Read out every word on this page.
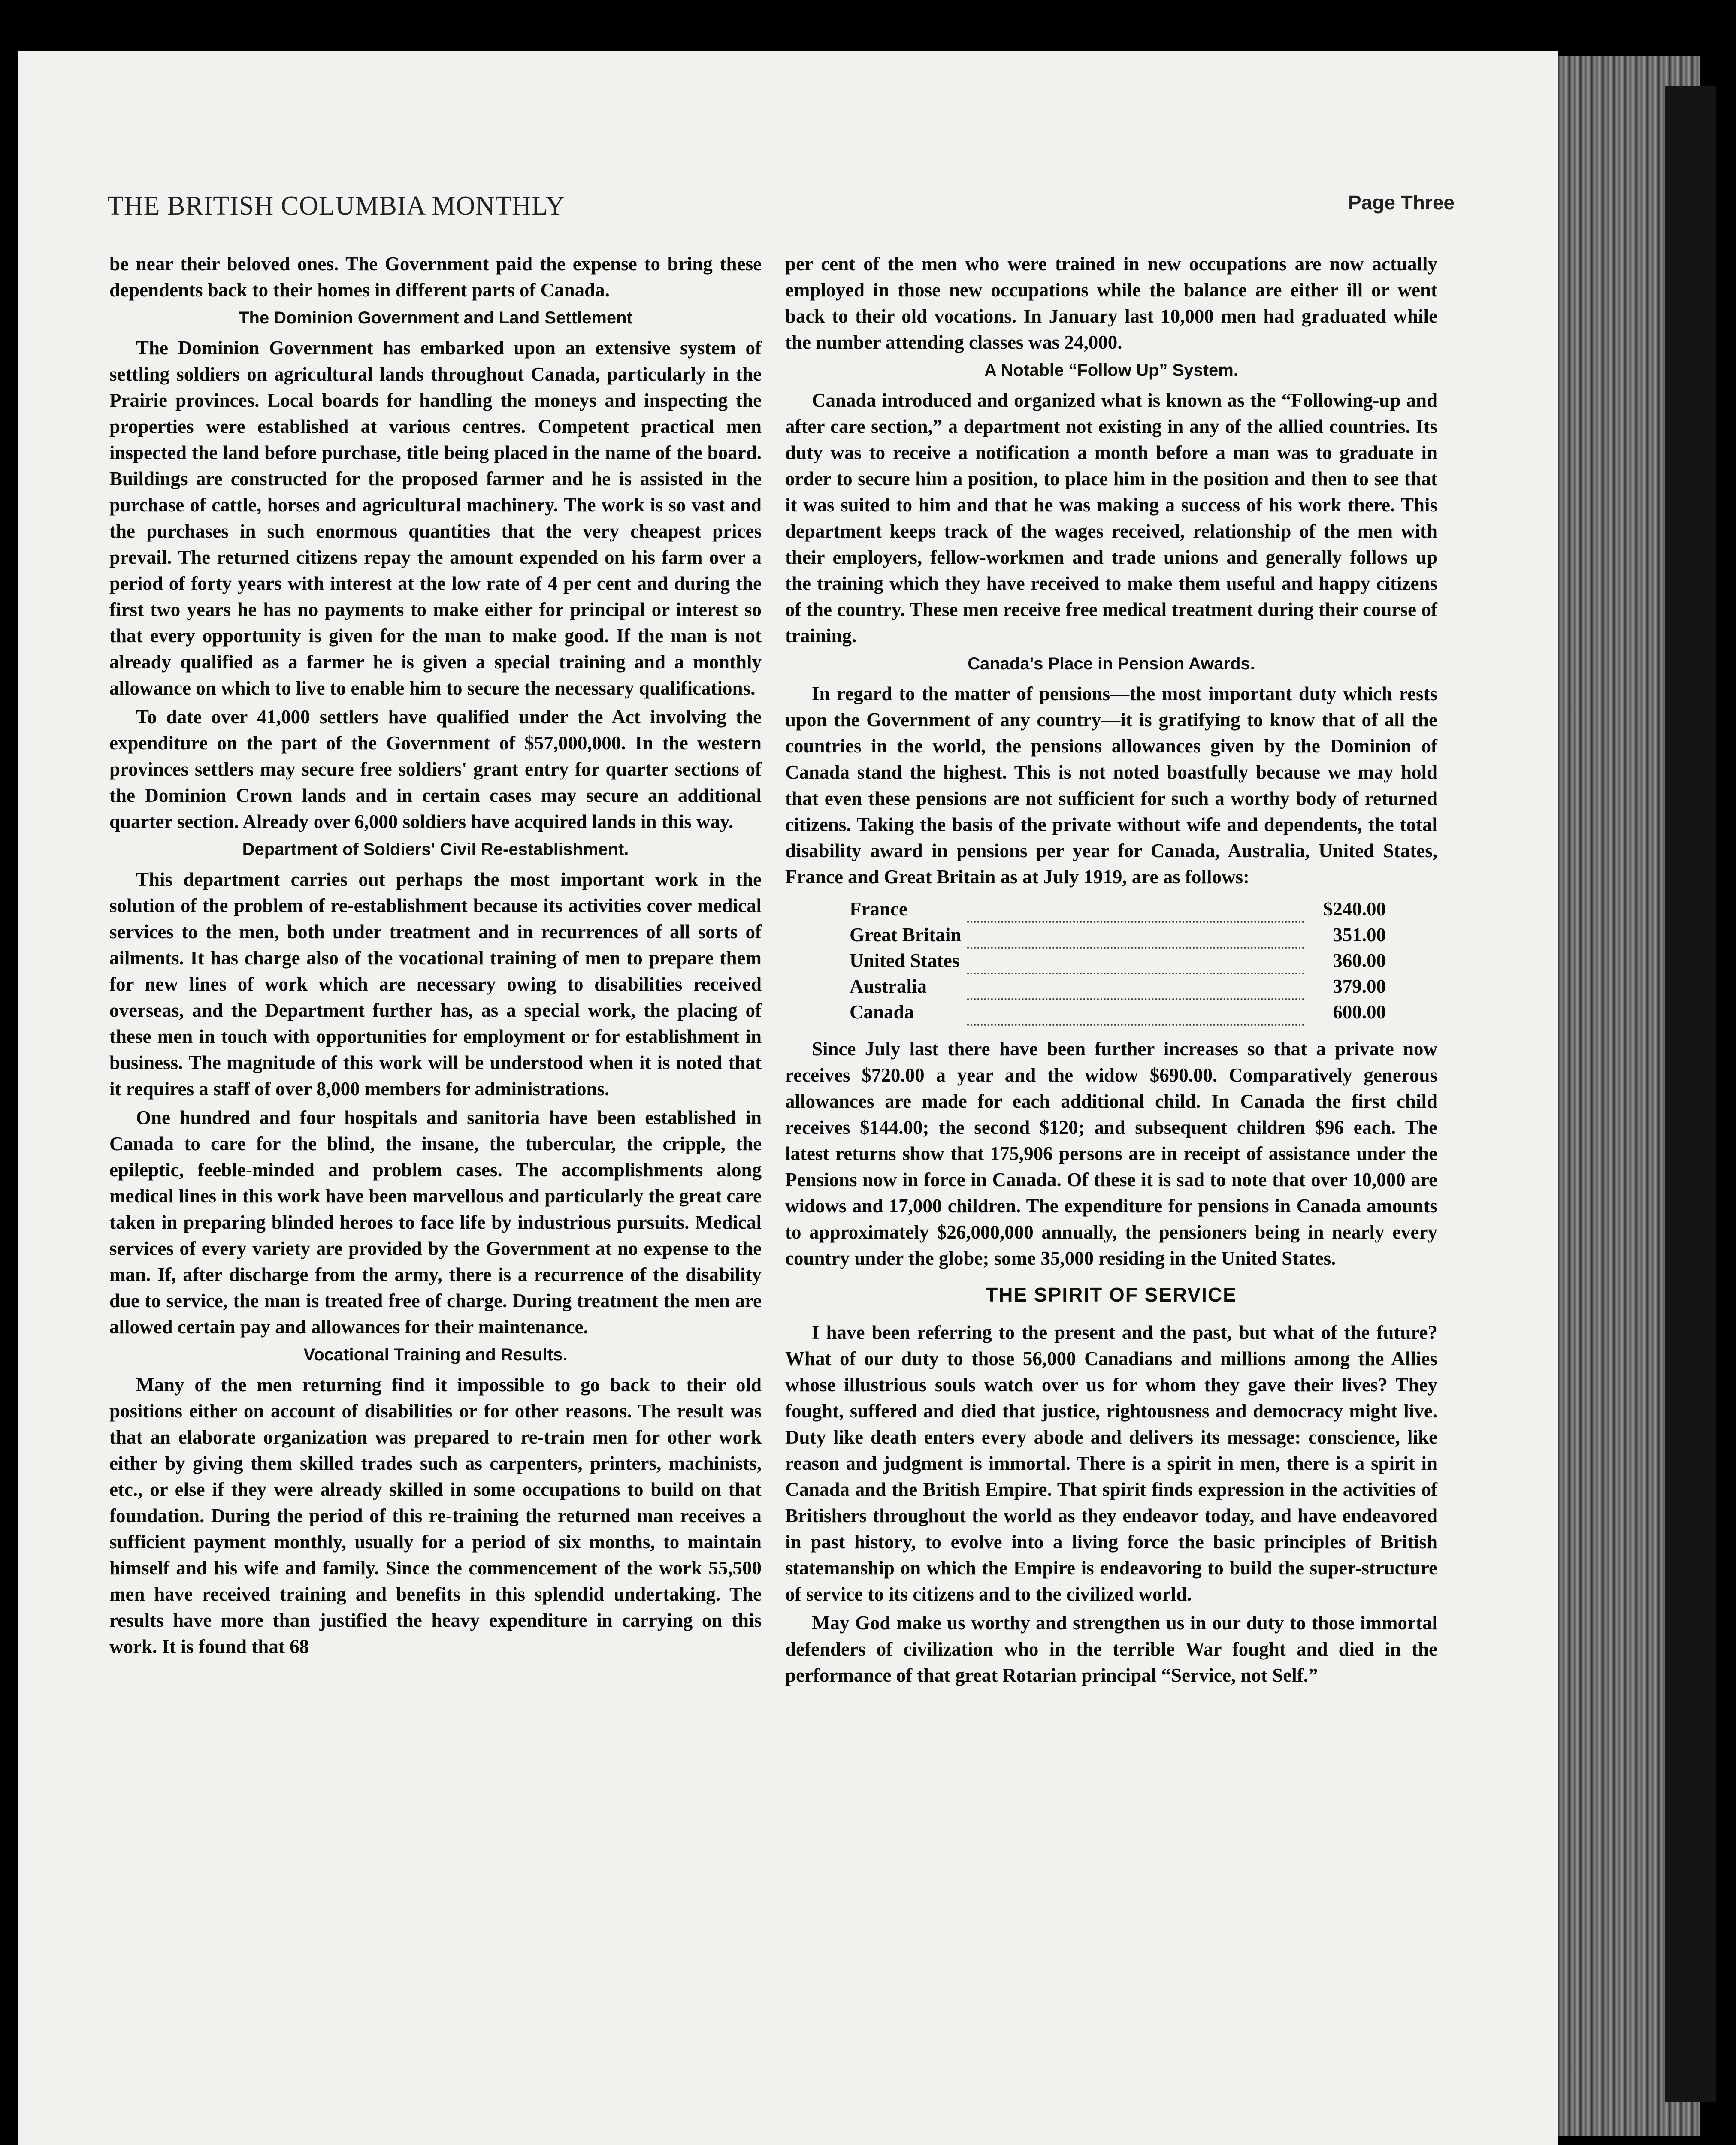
THE BRITISH COLUMBIA MONTHLY	Page Three

be near their beloved ones. The Government paid the expense to bring these dependents back to their homes in different parts of Canada.

The Dominion Government and Land Settlement

The Dominion Government has embarked upon an extensive system of settling soldiers on agricultural lands throughout Canada, particularly in the Prairie provinces. Local boards for handling the moneys and inspecting the properties were established at various centres. Competent practical men inspected the land before purchase, title being placed in the name of the board. Buildings are constructed for the proposed farmer and he is assisted in the purchase of cattle, horses and agricultural machinery. The work is so vast and the purchases in such enormous quantities that the very cheapest prices prevail. The returned citizens repay the amount expended on his farm over a period of forty years with interest at the low rate of 4 per cent and during the first two years he has no payments to make either for principal or interest so that every opportunity is given for the man to make good. If the man is not already qualified as a farmer he is given a special training and a monthly allowance on which to live to enable him to secure the necessary qualifications.

To date over 41,000 settlers have qualified under the Act involving the expenditure on the part of the Government of $57,000,000. In the western provinces settlers may secure free soldiers' grant entry for quarter sections of the Dominion Crown lands and in certain cases may secure an additional quarter section. Already over 6,000 soldiers have acquired lands in this way.

Department of Soldiers' Civil Re-establishment.

This department carries out perhaps the most important work in the solution of the problem of re-establishment because its activities cover medical services to the men, both under treatment and in recurrences of all sorts of ailments. It has charge also of the vocational training of men to prepare them for new lines of work which are necessary owing to disabilities received overseas, and the Department further has, as a special work, the placing of these men in touch with opportunities for employment or for establishment in business. The magnitude of this work will be understood when it is noted that it requires a staff of over 8,000 members for administrations.

One hundred and four hospitals and sanitoria have been established in Canada to care for the blind, the insane, the tubercular, the cripple, the epileptic, feeble-minded and problem cases. The accomplishments along medical lines in this work have been marvellous and particularly the great care taken in preparing blinded heroes to face life by industrious pursuits. Medical services of every variety are provided by the Government at no expense to the man. If, after discharge from the army, there is a recurrence of the disability due to service, the man is treated free of charge. During treatment the men are allowed certain pay and allowances for their maintenance.

Vocational Training and Results.

Many of the men returning find it impossible to go back to their old positions either on account of disabilities or for other reasons. The result was that an elaborate organization was prepared to re-train men for other work either by giving them skilled trades such as carpenters, printers, machinists, etc., or else if they were already skilled in some occupations to build on that foundation. During the period of this re-training the returned man receives a sufficient payment monthly, usually for a period of six months, to maintain himself and his wife and family. Since the commencement of the work 55,500 men have received training and benefits in this splendid undertaking. The results have more than justified the heavy expenditure in carrying on this work. It is found that 68

per cent of the men who were trained in new occupations are now actually employed in those new occupations while the balance are either ill or went back to their old vocations. In January last 10,000 men had graduated while the number attending classes was 24,000.

A Notable “Follow Up” System.

Canada introduced and organized what is known as the “Following-up and after care section,” a department not existing in any of the allied countries. Its duty was to receive a notification a month before a man was to graduate in order to secure him a position, to place him in the position and then to see that it was suited to him and that he was making a success of his work there. This department keeps track of the wages received, relationship of the men with their employers, fellow-workmen and trade unions and generally follows up the training which they have received to make them useful and happy citizens of the country. These men receive free medical treatment during their course of training.

Canada's Place in Pension Awards.

In regard to the matter of pensions—the most important duty which rests upon the Government of any country—it is gratifying to know that of all the countries in the world, the pensions allowances given by the Dominion of Canada stand the highest. This is not noted boastfully because we may hold that even these pensions are not sufficient for such a worthy body of returned citizens. Taking the basis of the private without wife and dependents, the total disability award in pensions per year for Canada, Australia, United States, France and Great Britain as at July 1919, are as follows:

France		$240.00
Great Britain		351.00
United States		360.00
Australia		379.00
Canada		600.00

Since July last there have been further increases so that a private now receives $720.00 a year and the widow $690.00. Comparatively generous allowances are made for each additional child. In Canada the first child receives $144.00; the second $120; and subsequent children $96 each. The latest returns show that 175,906 persons are in receipt of assistance under the Pensions now in force in Canada. Of these it is sad to note that over 10,000 are widows and 17,000 children. The expenditure for pensions in Canada amounts to approximately $26,000,000 annually, the pensioners being in nearly every country under the globe; some 35,000 residing in the United States.

THE SPIRIT OF SERVICE

I have been referring to the present and the past, but what of the future? What of our duty to those 56,000 Canadians and millions among the Allies whose illustrious souls watch over us for whom they gave their lives? They fought, suffered and died that justice, rightousness and democracy might live. Duty like death enters every abode and delivers its message: conscience, like reason and judgment is immortal. There is a spirit in men, there is a spirit in Canada and the British Empire. That spirit finds expression in the activities of Britishers throughout the world as they endeavor today, and have endeavored in past history, to evolve into a living force the basic principles of British statemanship on which the Empire is endeavoring to build the super-structure of service to its citizens and to the civilized world.

May God make us worthy and strengthen us in our duty to those immortal defenders of civilization who in the terrible War fought and died in the performance of that great Rotarian principal “Service, not Self.”
